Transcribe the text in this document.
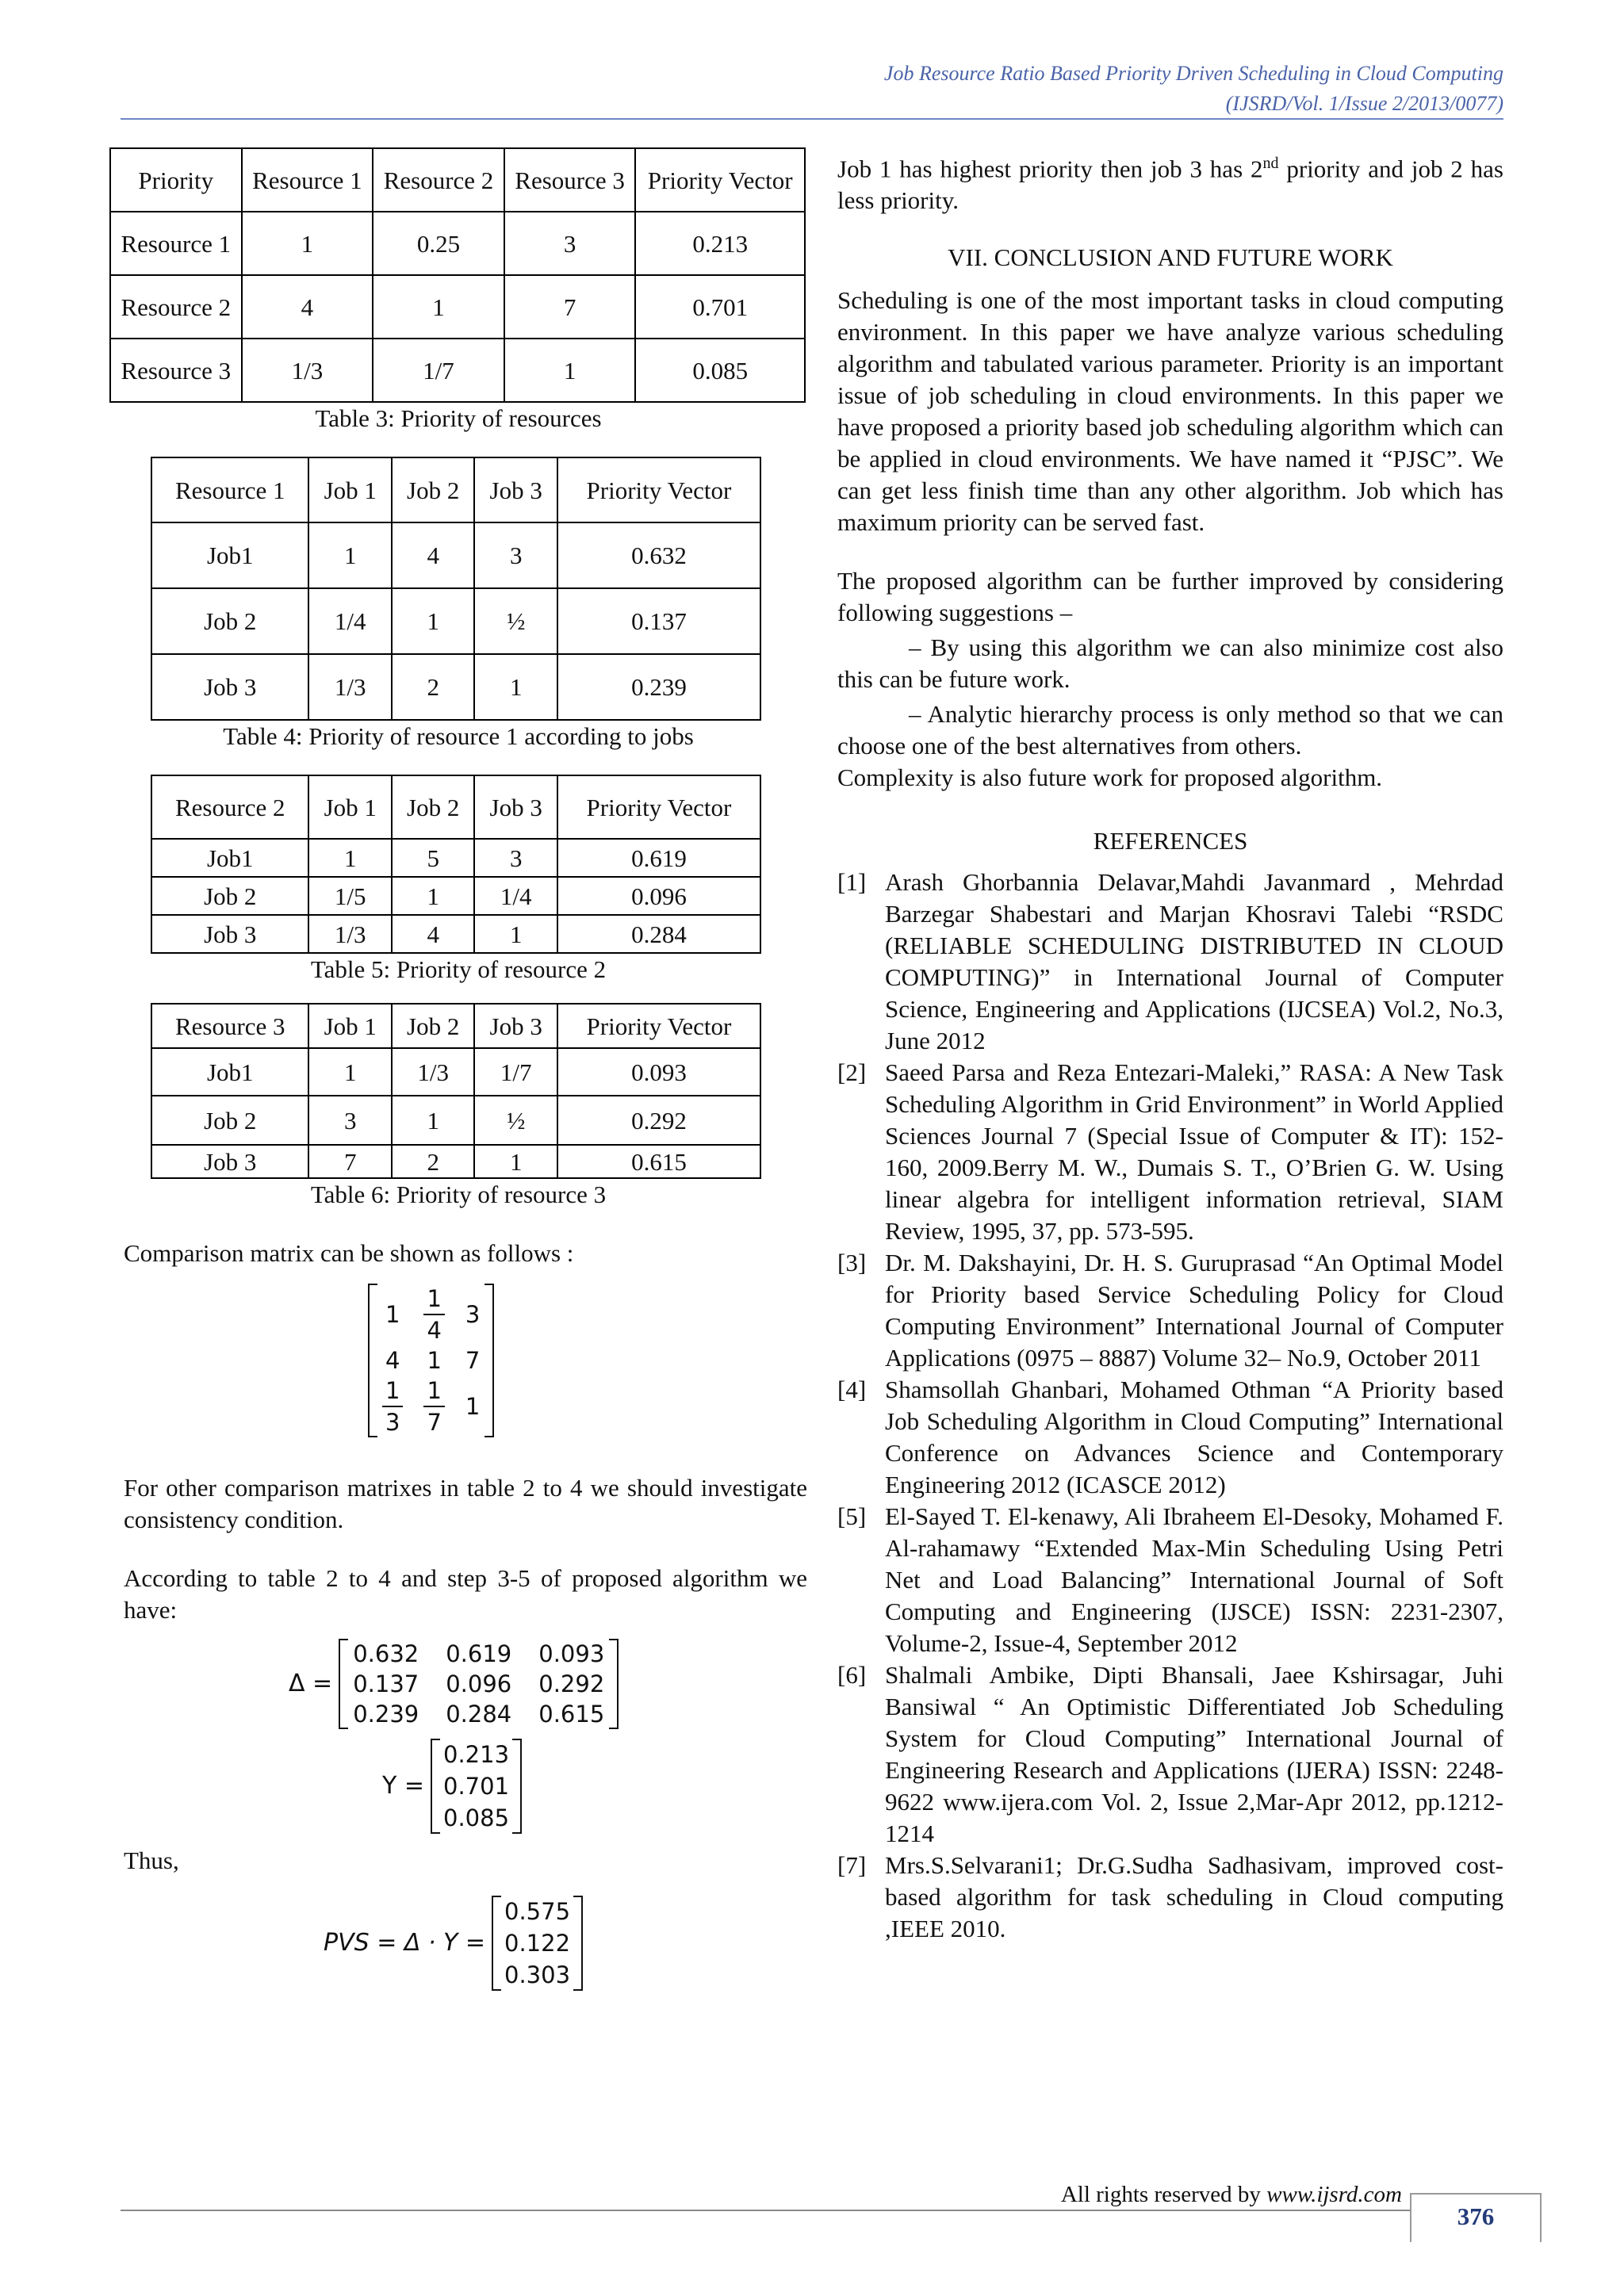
Job Resource Ratio Based Priority Driven Scheduling in Cloud Computing
(IJSRD/Vol. 1/Issue 2/2013/0077)
Priority	Resource 1	Resource 2	Resource 3	Priority Vector
Resource 1	1	0.25	3	0.213
Resource 2	4	1	7	0.701
Resource 3	1/3	1/7	1	0.085

Table 3: Priority of resources

Resource 1	Job 1	Job 2	Job 3	Priority Vector
Job1	1	4	3	0.632
Job 2	1/4	1	½	0.137
Job 3	1/3	2	1	0.239

Table 4: Priority of resource 1 according to jobs

Resource 2	Job 1	Job 2	Job 3	Priority Vector
Job1	1	5	3	0.619
Job 2	1/5	1	1/4	0.096
Job 3	1/3	4	1	0.284

Table 5: Priority of resource 2

Resource 3	Job 1	Job 2	Job 3	Priority Vector
Job1	1	1/3	1/7	0.093
Job 2	3	1	½	0.292
Job 3	7	2	1	0.615

Table 6: Priority of resource 3

Comparison matrix can be shown as follows :

$1 \frac{1}{4} 3$
4 1 7
$\frac{1}{3} \frac{1}{7} 1$

For other comparison matrixes in table 2 to 4 we should investigate consistency condition.

According to table 2 to 4 and step 3-5 of proposed algorithm we have:

Δ =
0.632 0.619 0.093
0.137 0.096 0.292
0.239 0.284 0.615
Y =
0.213
0.701
0.085

Thus,

PVS = Δ · Y =
0.575
0.122
0.303

Job 1 has highest priority then job 3 has 2nd priority and job 2 has less priority.

VII. CONCLUSION AND FUTURE WORK

Scheduling is one of the most important tasks in cloud computing environment. In this paper we have analyze various scheduling algorithm and tabulated various parameter. Priority is an important issue of job scheduling in cloud environments. In this paper we have proposed a priority based job scheduling algorithm which can be applied in cloud environments. We have named it “PJSC”. We can get less finish time than any other algorithm. Job which has maximum priority can be served fast.

The proposed algorithm can be further improved by considering following suggestions –

– By using this algorithm we can also minimize cost also this can be future work.

– Analytic hierarchy process is only method so that we can choose one of the best alternatives from others.

Complexity is also future work for proposed algorithm.

REFERENCES

[1] Arash Ghorbannia Delavar,Mahdi Javanmard , Mehrdad Barzegar Shabestari and Marjan Khosravi Talebi “RSDC (RELIABLE SCHEDULING DISTRIBUTED IN CLOUD COMPUTING)” in International Journal of Computer Science, Engineering and Applications (IJCSEA) Vol.2, No.3, June 2012
[2] Saeed Parsa and Reza Entezari-Maleki,” RASA: A New Task Scheduling Algorithm in Grid Environment” in World Applied Sciences Journal 7 (Special Issue of Computer & IT): 152-160, 2009.Berry M. W., Dumais S. T., O’Brien G. W. Using linear algebra for intelligent information retrieval, SIAM Review, 1995, 37, pp. 573-595.
[3] Dr. M. Dakshayini, Dr. H. S. Guruprasad “An Optimal Model for Priority based Service Scheduling Policy for Cloud Computing Environment” International Journal of Computer Applications (0975 – 8887) Volume 32– No.9, October 2011
[4] Shamsollah Ghanbari, Mohamed Othman “A Priority based Job Scheduling Algorithm in Cloud Computing” International Conference on Advances Science and Contemporary Engineering 2012 (ICASCE 2012)
[5] El-Sayed T. El-kenawy, Ali Ibraheem El-Desoky, Mohamed F. Al-rahamawy “Extended Max-Min Scheduling Using Petri Net and Load Balancing” International Journal of Soft Computing and Engineering (IJSCE) ISSN: 2231-2307, Volume-2, Issue-4, September 2012
[6] Shalmali Ambike, Dipti Bhansali, Jaee Kshirsagar, Juhi Bansiwal “ An Optimistic Differentiated Job Scheduling System for Cloud Computing” International Journal of Engineering Research and Applications (IJERA) ISSN: 2248-9622 www.ijera.com Vol. 2, Issue 2,Mar-Apr 2012, pp.1212-1214
[7] Mrs.S.Selvarani1; Dr.G.Sudha Sadhasivam, improved cost-based algorithm for task scheduling in Cloud computing ,IEEE 2010.
All rights reserved by www.ijsrd.com
376
